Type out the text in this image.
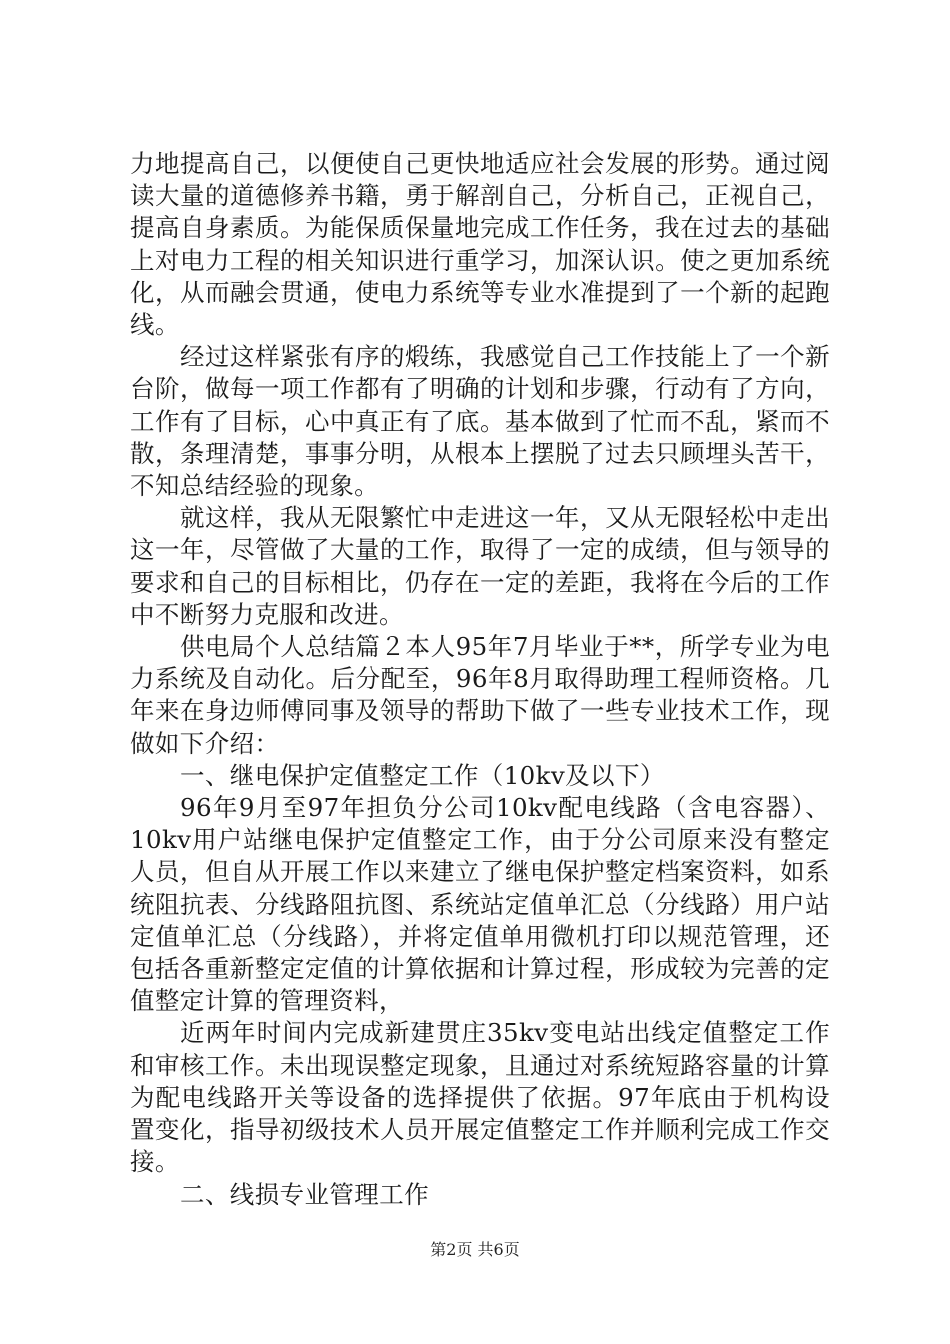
力地提高自己，以便使自己更快地适应社会发展的形势。通过阅读大量的道德修养书籍，勇于解剖自己，分析自己，正视自己，提高自身素质。为能保质保量地完成工作任务，我在过去的基础上对电力工程的相关知识进行重学习，加深认识。使之更加系统化，从而融会贯通，使电力系统等专业水准提到了一个新的起跑线。

经过这样紧张有序的煅练，我感觉自己工作技能上了一个新台阶，做每一项工作都有了明确的计划和步骤，行动有了方向，工作有了目标，心中真正有了底。基本做到了忙而不乱，紧而不散，条理清楚，事事分明，从根本上摆脱了过去只顾埋头苦干，不知总结经验的现象。

就这样，我从无限繁忙中走进这一年，又从无限轻松中走出这一年，尽管做了大量的工作，取得了一定的成绩，但与领导的要求和自己的目标相比，仍存在一定的差距，我将在今后的工作中不断努力克服和改进。

供电局个人总结篇２本人95年7月毕业于**，所学专业为电力系统及自动化。后分配至，96年8月取得助理工程师资格。几年来在身边师傅同事及领导的帮助下做了一些专业技术工作，现做如下介绍：

一、继电保护定值整定工作（10kv及以下）

96年9月至97年担负分公司10kv配电线路（含电容器）、10kv用户站继电保护定值整定工作，由于分公司原来没有整定人员，但自从开展工作以来建立了继电保护整定档案资料，如系统阻抗表、分线路阻抗图、系统站定值单汇总（分线路）用户站定值单汇总（分线路），并将定值单用微机打印以规范管理，还包括各重新整定定值的计算依据和计算过程，形成较为完善的定值整定计算的管理资料，

近两年时间内完成新建贯庄35kv变电站出线定值整定工作和审核工作。未出现误整定现象，且通过对系统短路容量的计算为配电线路开关等设备的选择提供了依据。97年底由于机构设置变化，指导初级技术人员开展定值整定工作并顺利完成工作交接。

二、线损专业管理工作

第2页 共6页
